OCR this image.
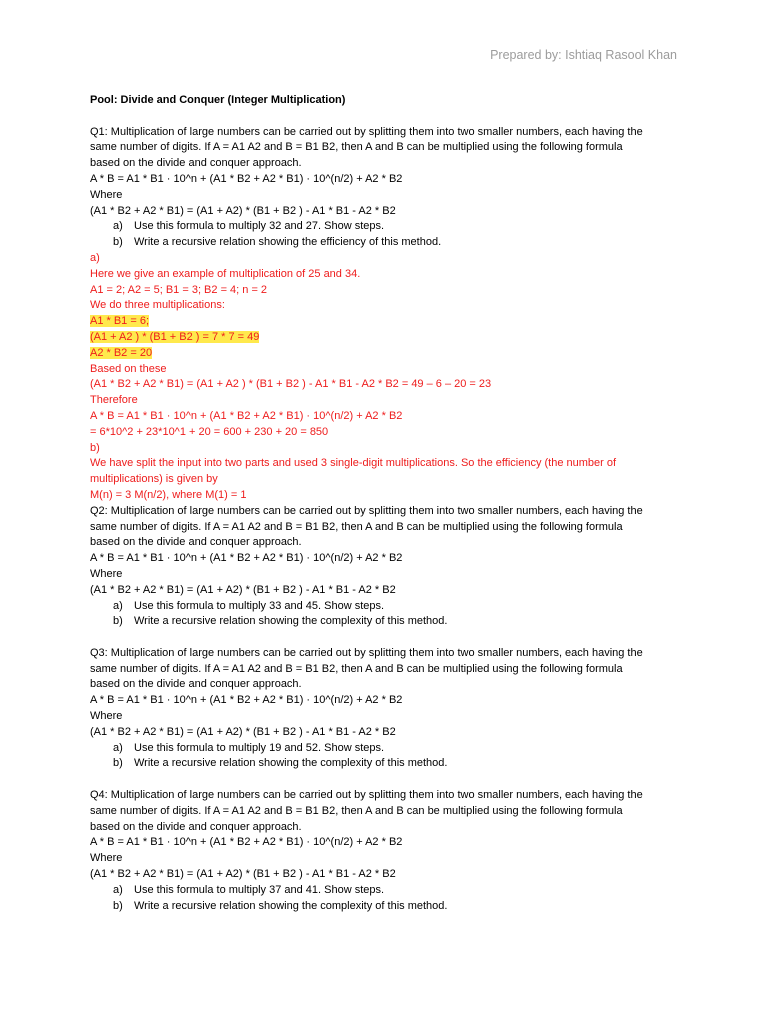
Prepared by: Ishtiaq Rasool Khan
Pool: Divide and Conquer (Integer Multiplication)
Q1: Multiplication of large numbers can be carried out by splitting them into two smaller numbers, each having the
same number of digits. If A = A1 A2 and B = B1 B2, then A and B can be multiplied using the following formula
based on the divide and conquer approach.
A * B = A1 * B1 · 10^n + (A1 * B2 + A2 * B1) · 10^(n/2) + A2 * B2
Where
(A1 * B2 + A2 * B1) = (A1 + A2) * (B1 + B2 ) - A1 * B1 - A2 * B2
a) Use this formula to multiply 32 and 27. Show steps.
b) Write a recursive relation showing the efficiency of this method.
a)
Here we give an example of multiplication of 25 and 34.
A1 = 2; A2 = 5; B1 = 3; B2 = 4; n = 2
We do three multiplications:
A1 * B1 = 6;
(A1 + A2 ) * (B1 + B2 ) = 7 * 7 = 49
A2 * B2 = 20
Based on these
(A1 * B2 + A2 * B1) = (A1 + A2 ) * (B1 + B2 ) - A1 * B1 - A2 * B2 = 49 – 6 – 20 = 23
Therefore
A * B = A1 * B1 · 10^n + (A1 * B2 + A2 * B1) · 10^(n/2) + A2 * B2
= 6*10^2 + 23*10^1 + 20 = 600 + 230 + 20 = 850
b)
We have split the input into two parts and used 3 single-digit multiplications. So the efficiency (the number of
multiplications) is given by
M(n) = 3 M(n/2), where M(1) = 1
Q2: Multiplication of large numbers can be carried out by splitting them into two smaller numbers, each having the
same number of digits. If A = A1 A2 and B = B1 B2, then A and B can be multiplied using the following formula
based on the divide and conquer approach.
A * B = A1 * B1 · 10^n + (A1 * B2 + A2 * B1) · 10^(n/2) + A2 * B2
Where
(A1 * B2 + A2 * B1) = (A1 + A2) * (B1 + B2 ) - A1 * B1 - A2 * B2
a) Use this formula to multiply 33 and 45. Show steps.
b) Write a recursive relation showing the complexity of this method.
Q3: Multiplication of large numbers can be carried out by splitting them into two smaller numbers, each having the
same number of digits. If A = A1 A2 and B = B1 B2, then A and B can be multiplied using the following formula
based on the divide and conquer approach.
A * B = A1 * B1 · 10^n + (A1 * B2 + A2 * B1) · 10^(n/2) + A2 * B2
Where
(A1 * B2 + A2 * B1) = (A1 + A2) * (B1 + B2 ) - A1 * B1 - A2 * B2
a) Use this formula to multiply 19 and 52. Show steps.
b) Write a recursive relation showing the complexity of this method.
Q4: Multiplication of large numbers can be carried out by splitting them into two smaller numbers, each having the
same number of digits. If A = A1 A2 and B = B1 B2, then A and B can be multiplied using the following formula
based on the divide and conquer approach.
A * B = A1 * B1 · 10^n + (A1 * B2 + A2 * B1) · 10^(n/2) + A2 * B2
Where
(A1 * B2 + A2 * B1) = (A1 + A2) * (B1 + B2 ) - A1 * B1 - A2 * B2
a) Use this formula to multiply 37 and 41. Show steps.
b) Write a recursive relation showing the complexity of this method.
